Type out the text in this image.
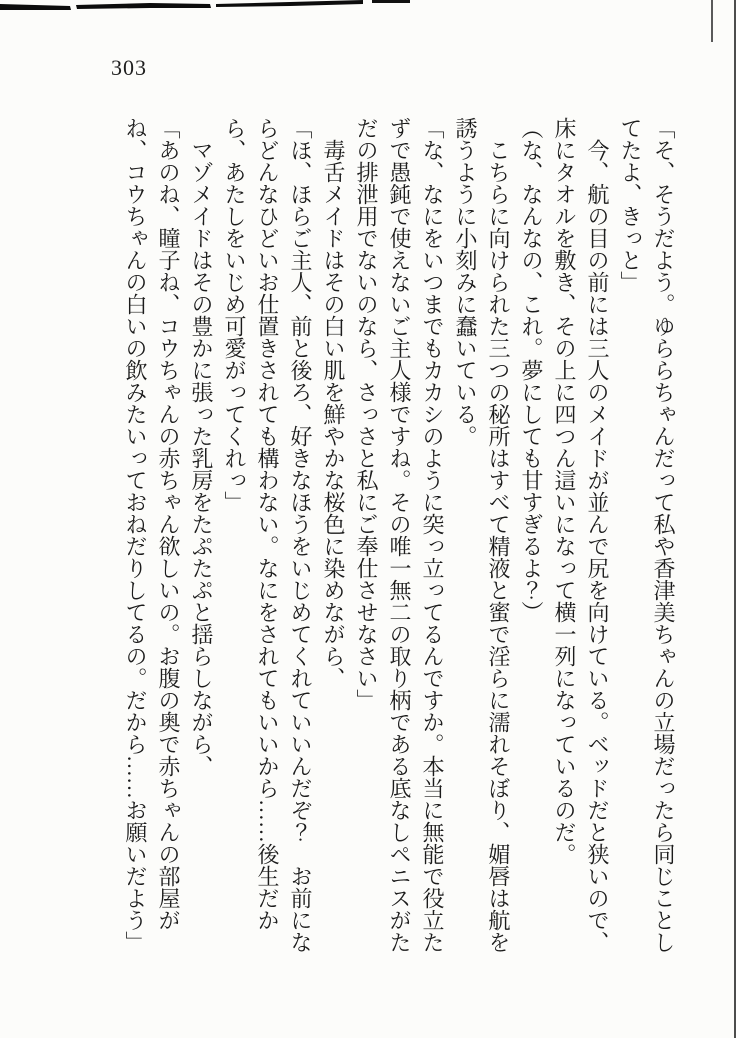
303

「そ、そうだよう。ゆららちゃんだって私や香津美ちゃんの立場だったら同じことしてたよ、きっと」

今、航の目の前には三人のメイドが並んで尻を向けている。ベッドだと狭いので、床にタオルを敷き、その上に四つん這いになって横一列になっているのだ。

（な、なんなの、これ。夢にしても甘すぎるよ？）

こちらに向けられた三つの秘所はすべて精液と蜜で淫らに濡れそぼり、媚唇は航を誘うように小刻みに蠢いている。

「な、なにをいつまでもカカシのように突っ立ってるんですか。本当に無能で役立たずで愚鈍で使えないご主人様ですね。その唯一無二の取り柄である底なしペニスがただの排泄用でないのなら、さっさと私にご奉仕させなさい」

毒舌メイドはその白い肌を鮮やかな桜色に染めながら、

「ほ、ほらご主人、前と後ろ、好きなほうをいじめてくれていいんだぞ？　お前にならどんなひどいお仕置きされても構わない。なにをされてもいいから……後生だから、あたしをいじめ可愛がってくれっ」

マゾメイドはその豊かに張った乳房をたぷたぷと揺らしながら、

「あのね、瞳子ね、コウちゃんの赤ちゃん欲しいの。お腹の奥で赤ちゃんの部屋がね、コウちゃんの白いの飲みたいっておねだりしてるの。だから……お願いだよう」
